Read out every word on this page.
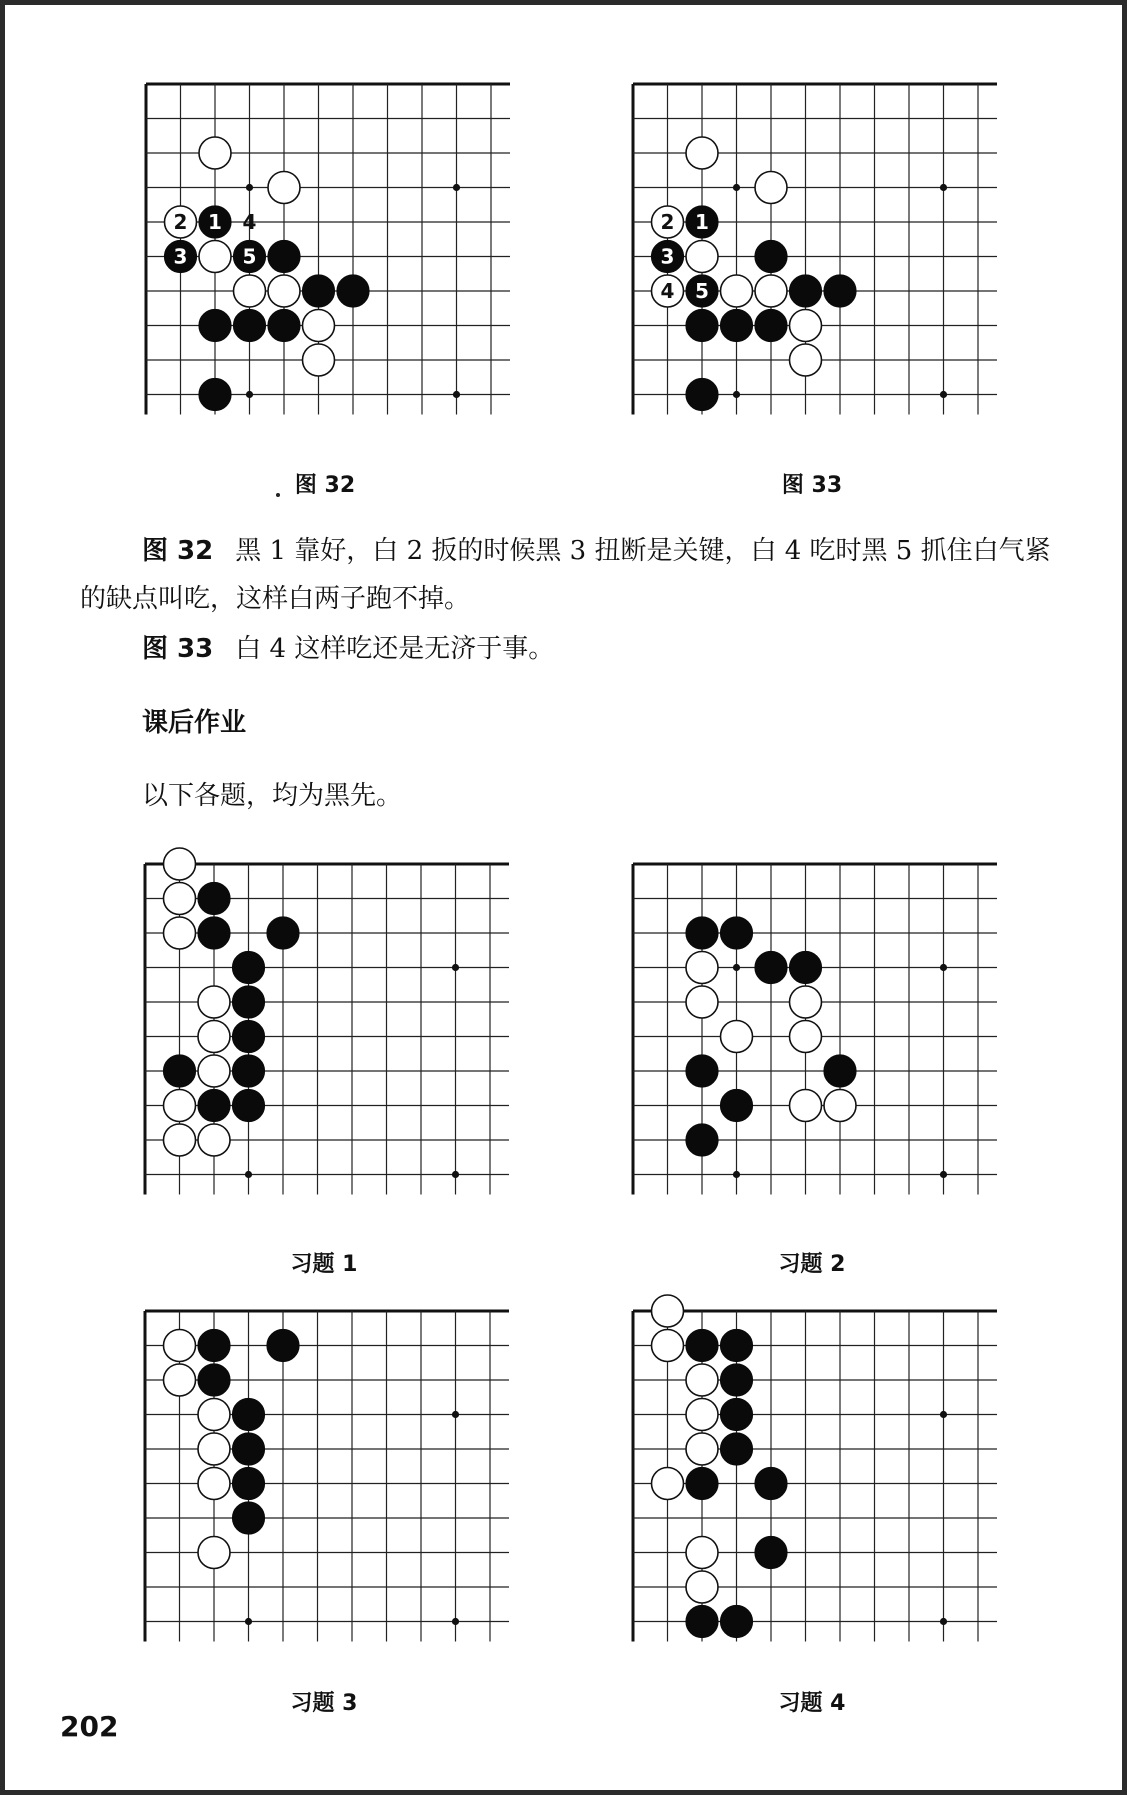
1
2
3
4
5
图 32
1
2
3
4 5
图 33

图 32 黑 1 靠好，白 2 扳的时候黑 3 扭断是关键，白 4 吃时黑 5 抓住白气紧的缺点叫吃，这样白两子跑不掉。

图 33 白 4 这样吃还是无济于事。

课后作业

以下各题，均为黑先。

习题 1	习题 2
习题 3	习题 4
202
